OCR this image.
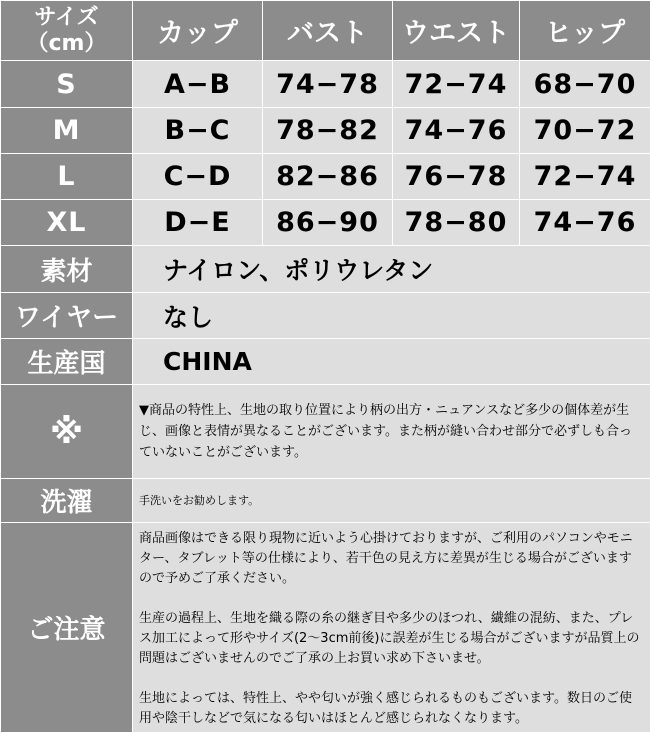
サイズ
（cm）	カップ	バスト	ウエスト	ヒップ
S	A−B	74−78	72−74	68−70
M	B−C	78−82	74−76	70−72
L	C−D	82−86	76−78	72−74
XL	D−E	86−90	78−80	74−76
素材	ナイロン、ポリウレタン			
ワイヤー	なし			
生産国	CHINA			
※	▼商品の特性上、生地の取り位置により柄の出方・ニュアンスなど多少の個体差が生じ、画像と表情が異なることがございます。また柄が縫い合わせ部分で必ずしも合っていないことがございます。			
洗濯	手洗いをお勧めします。			
ご注意	商品画像はできる限り現物に近いよう心掛けておりますが、ご利用のパソコンやモニター、タブレット等の仕様により、若干色の見え方に差異が生じる場合がございますので予めご了承ください。
生産の過程上、生地を織る際の糸の継ぎ目や多少のほつれ、繊維の混紡、また、プレス加工によって形やサイズ(2〜3cm前後)に誤差が生じる場合がございますが品質上の問題はございませんのでご了承の上お買い求め下さいませ。
生地によっては、特性上、やや匂いが強く感じられるものもございます。数日のご使用や陰干しなどで気になる匂いはほとんど感じられなくなります。			
